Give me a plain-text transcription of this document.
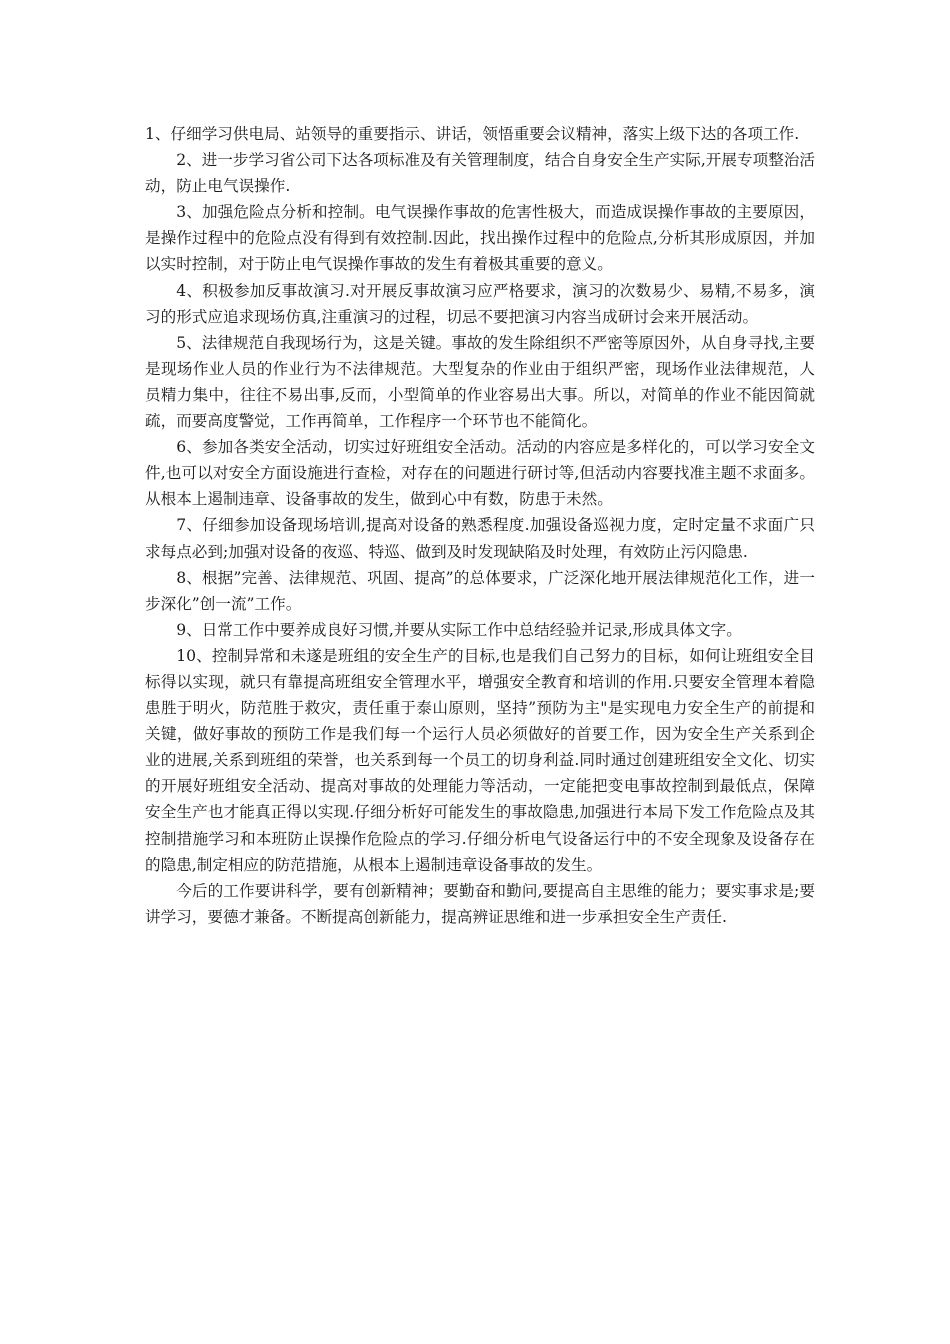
1、仔细学习供电局、站领导的重要指示、讲话，领悟重要会议精神，落实上级下达的各项工作.

2、进一步学习省公司下达各项标准及有关管理制度，结合自身安全生产实际,开展专项整治活动，防止电气误操作.

3、加强危险点分析和控制。电气误操作事故的危害性极大，而造成误操作事故的主要原因，是操作过程中的危险点没有得到有效控制.因此，找出操作过程中的危险点,分析其形成原因，并加以实时控制，对于防止电气误操作事故的发生有着极其重要的意义。

4、积极参加反事故演习.对开展反事故演习应严格要求，演习的次数易少、易精,不易多，演习的形式应追求现场仿真,注重演习的过程，切忌不要把演习内容当成研讨会来开展活动。

5、法律规范自我现场行为，这是关键。事故的发生除组织不严密等原因外，从自身寻找,主要是现场作业人员的作业行为不法律规范。大型复杂的作业由于组织严密，现场作业法律规范，人员精力集中，往往不易出事,反而，小型简单的作业容易出大事。所以，对简单的作业不能因简就疏，而要高度警觉，工作再简单，工作程序一个环节也不能简化。

6、参加各类安全活动，切实过好班组安全活动。活动的内容应是多样化的，可以学习安全文件,也可以对安全方面设施进行查检，对存在的问题进行研讨等,但活动内容要找准主题不求面多。从根本上遏制违章、设备事故的发生，做到心中有数，防患于未然。

7、仔细参加设备现场培训,提高对设备的熟悉程度.加强设备巡视力度，定时定量不求面广只求每点必到;加强对设备的夜巡、特巡、做到及时发现缺陷及时处理，有效防止污闪隐患.

8、根据”完善、法律规范、巩固、提高”的总体要求，广泛深化地开展法律规范化工作，进一步深化”创一流”工作。

9、日常工作中要养成良好习惯,并要从实际工作中总结经验并记录,形成具体文字。

10、控制异常和未遂是班组的安全生产的目标,也是我们自己努力的目标，如何让班组安全目标得以实现，就只有靠提高班组安全管理水平，增强安全教育和培训的作用.只要安全管理本着隐患胜于明火，防范胜于救灾，责任重于泰山原则，坚持”预防为主"是实现电力安全生产的前提和关键，做好事故的预防工作是我们每一个运行人员必须做好的首要工作，因为安全生产关系到企业的进展,关系到班组的荣誉，也关系到每一个员工的切身利益.同时通过创建班组安全文化、切实的开展好班组安全活动、提高对事故的处理能力等活动，一定能把变电事故控制到最低点，保障安全生产也才能真正得以实现.仔细分析好可能发生的事故隐患,加强进行本局下发工作危险点及其控制措施学习和本班防止误操作危险点的学习.仔细分析电气设备运行中的不安全现象及设备存在的隐患,制定相应的防范措施，从根本上遏制违章设备事故的发生。

今后的工作要讲科学，要有创新精神；要勤奋和勤问,要提高自主思维的能力；要实事求是;要讲学习，要德才兼备。不断提高创新能力，提高辨证思维和进一步承担安全生产责任.
